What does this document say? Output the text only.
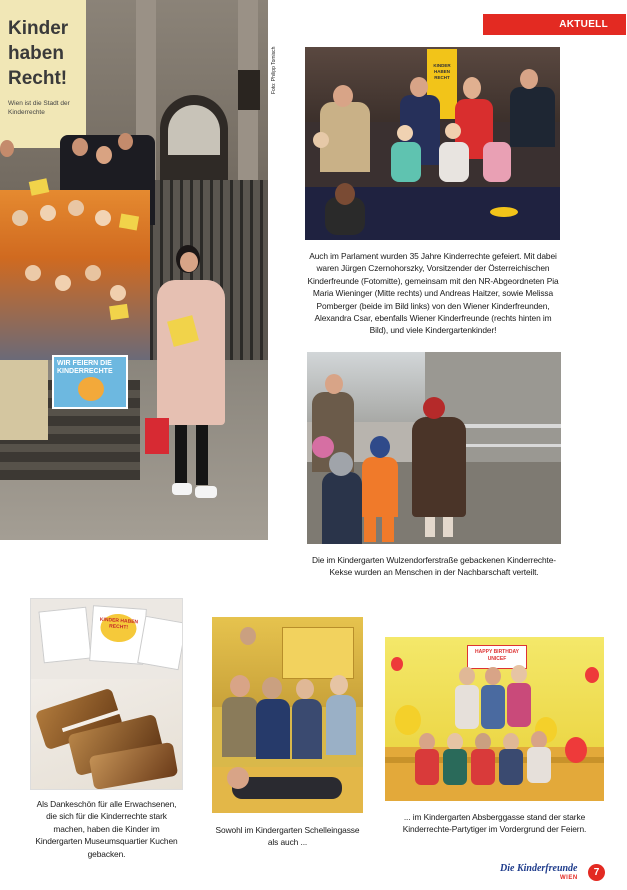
AKTUELL
Foto: Philipp Tomisch
Kinder
haben
Recht!
Wien ist die Stadt der Kinderrechte
WIR FEIERN DIE KINDERRECHTE
KINDER HABEN RECHT
Auch im Parlament wurden 35 Jahre Kinderrechte gefeiert. Mit dabei waren Jürgen Czernohorszky, Vorsitzender der Österreichischen Kinderfreunde (Fotomitte), gemeinsam mit den NR-Abgeordneten Pia Maria Wieninger (Mitte rechts) und Andreas Haitzer, sowie Melissa Pomberger (beide im Bild links) von den Wiener Kinderfreunden, Alexandra Csar, ebenfalls Wiener Kinderfreunde (rechts hinten im Bild), und viele Kindergartenkinder!
Die im Kindergarten Wulzendorferstraße gebackenen Kinderrechte-Kekse wurden an Menschen in der Nachbarschaft verteilt.
KINDER HABEN RECHT!
Als Dankeschön für alle Erwachsenen,
die sich für die Kinderrechte stark machen, haben die Kinder im Kindergarten Museumsquartier Kuchen gebacken.
Sowohl im Kindergarten Schelleingasse
als auch ...
HAPPY BIRTHDAY UNICEF
... im Kindergarten Absberggasse stand der starke Kinderrechte-Partytiger im Vordergrund der Feiern.
Die Kinderfreunde
WIEN 7
